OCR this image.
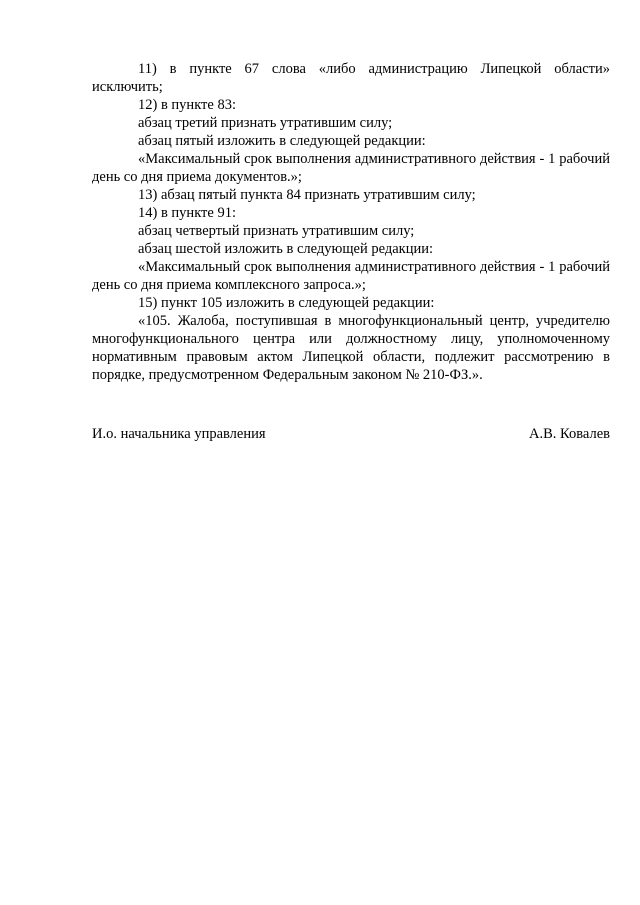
11) в пункте 67 слова «либо администрацию Липецкой области» исключить;

12) в пункте 83:

абзац третий признать утратившим силу;

абзац пятый изложить в следующей редакции:

«Максимальный срок выполнения административного действия - 1 рабочий день со дня приема документов.»;

13) абзац пятый пункта 84 признать утратившим силу;

14) в пункте 91:

абзац четвертый признать утратившим силу;

абзац шестой изложить в следующей редакции:

«Максимальный срок выполнения административного действия - 1 рабочий день со дня приема комплексного запроса.»;

15) пункт 105 изложить в следующей редакции:

«105. Жалоба, поступившая в многофункциональный центр, учредителю многофункционального центра или должностному лицу, уполномоченному нормативным правовым актом Липецкой области, подлежит рассмотрению в порядке, предусмотренном Федеральным законом № 210-ФЗ.».

И.о. начальника управления	А.В. Ковалев
